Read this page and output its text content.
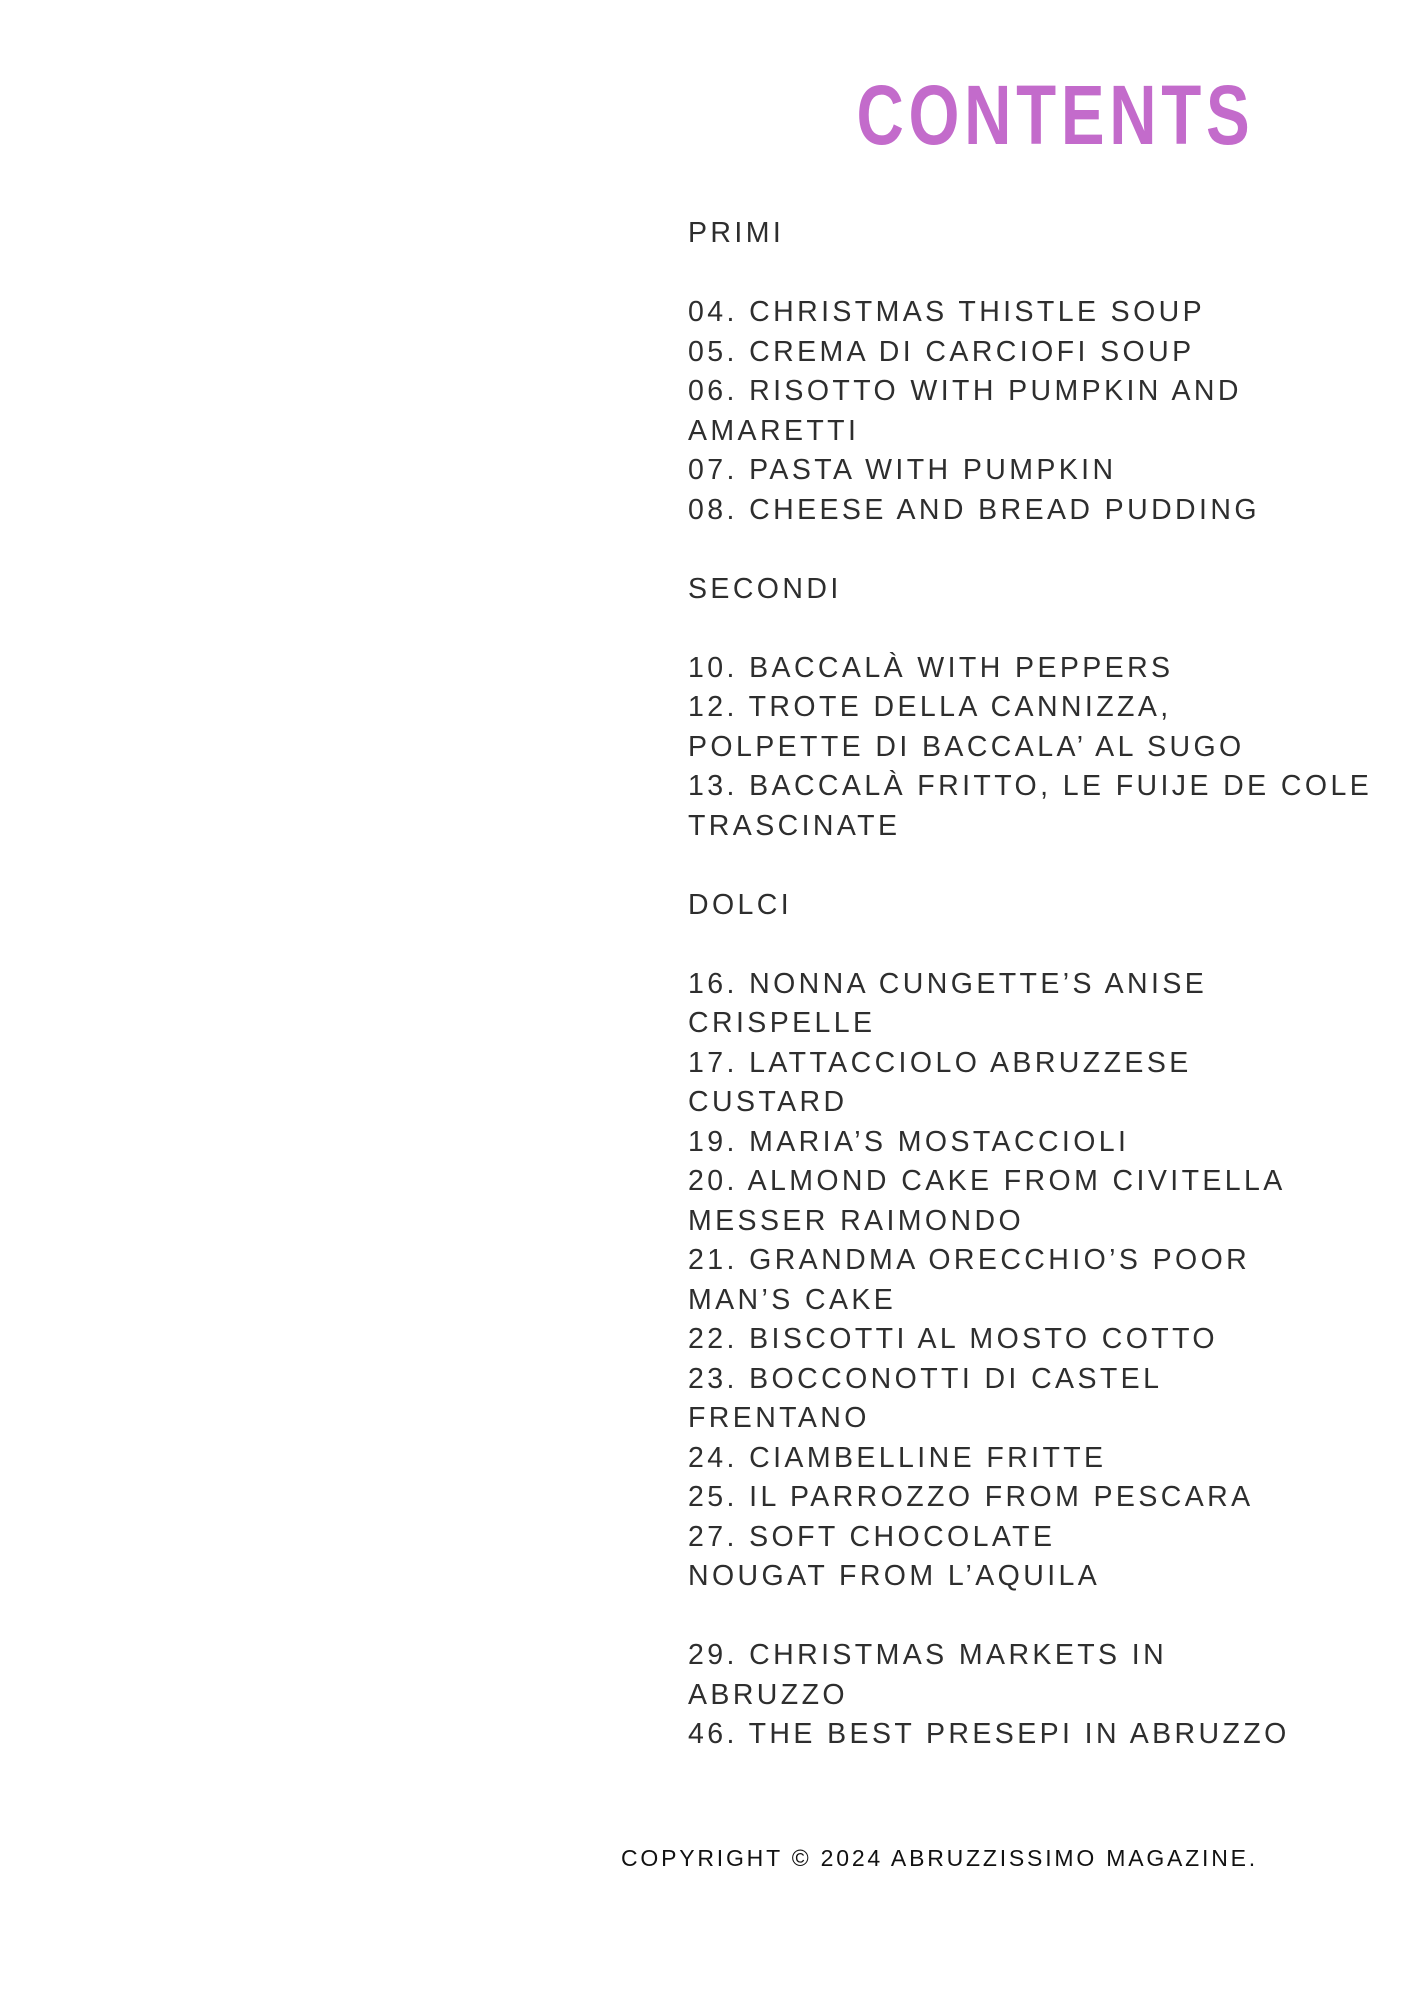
CONTENTS
PRIMI
04. CHRISTMAS THISTLE SOUP
05. CREMA DI CARCIOFI SOUP
06. RISOTTO WITH PUMPKIN AND
AMARETTI
07. PASTA WITH PUMPKIN
08. CHEESE AND BREAD PUDDING
SECONDI
10. BACCALÀ WITH PEPPERS
12. TROTE DELLA CANNIZZA,
POLPETTE DI BACCALA’ AL SUGO
13. BACCALÀ FRITTO, LE FUIJE DE COLE
TRASCINATE
DOLCI
16. NONNA CUNGETTE’S ANISE
CRISPELLE
17. LATTACCIOLO ABRUZZESE
CUSTARD
19. MARIA’S MOSTACCIOLI
20. ALMOND CAKE FROM CIVITELLA
MESSER RAIMONDO
21. GRANDMA ORECCHIO’S POOR
MAN’S CAKE
22. BISCOTTI AL MOSTO COTTO
23. BOCCONOTTI DI CASTEL
FRENTANO
24. CIAMBELLINE FRITTE
25. IL PARROZZO FROM PESCARA
27. SOFT CHOCOLATE
NOUGAT FROM L’AQUILA
29. CHRISTMAS MARKETS IN
ABRUZZO
46. THE BEST PRESEPI IN ABRUZZO
COPYRIGHT © 2024 ABRUZZISSIMO MAGAZINE.
